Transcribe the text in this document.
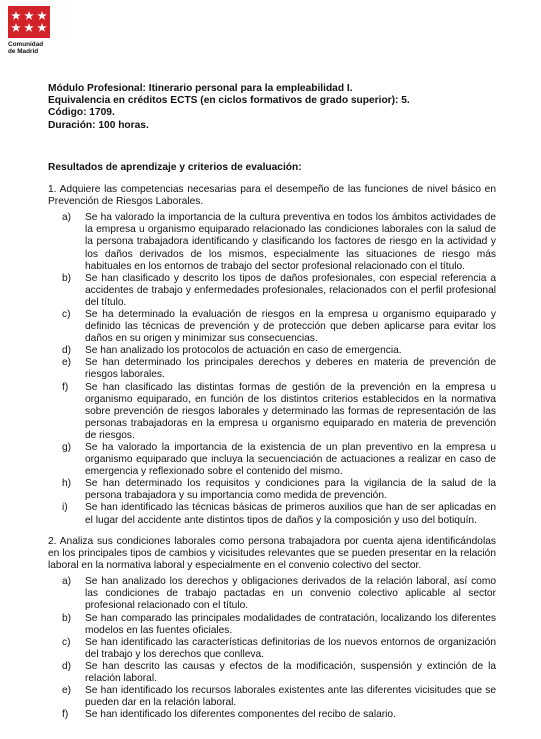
Comunidad
de Madrid

Módulo Profesional: Itinerario personal para la empleabilidad I.

Equivalencia en créditos ECTS (en ciclos formativos de grado superior): 5.

Código: 1709.

Duración: 100 horas.

Resultados de aprendizaje y criterios de evaluación:

1. Adquiere las competencias necesarias para el desempeño de las funciones de nivel básico en Prevención de Riesgos Laborales.

a) Se ha valorado la importancia de la cultura preventiva en todos los ámbitos actividades de la empresa u organismo equiparado relacionado las condiciones laborales con la salud de la persona trabajadora identificando y clasificando los factores de riesgo en la actividad y los daños derivados de los mismos, especialmente las situaciones de riesgo más habituales en los entornos de trabajo del sector profesional relacionado con el título.
b) Se han clasificado y descrito los tipos de daños profesionales, con especial referencia a accidentes de trabajo y enfermedades profesionales, relacionados con el perfil profesional del título.
c) Se ha determinado la evaluación de riesgos en la empresa u organismo equiparado y definido las técnicas de prevención y de protección que deben aplicarse para evitar los daños en su origen y minimizar sus consecuencias.
d) Se han analizado los protocolos de actuación en caso de emergencia.
e) Se han determinado los principales derechos y deberes en materia de prevención de riesgos laborales.
f) Se han clasificado las distintas formas de gestión de la prevención en la empresa u organismo equiparado, en función de los distintos criterios establecidos en la normativa sobre prevención de riesgos laborales y determinado las formas de representación de las personas trabajadoras en la empresa u organismo equiparado en materia de prevención de riesgos.
g) Se ha valorado la importancia de la existencia de un plan preventivo en la empresa u organismo equiparado que incluya la secuenciación de actuaciones a realizar en caso de emergencia y reflexionado sobre el contenido del mismo.
h) Se han determinado los requisitos y condiciones para la vigilancia de la salud de la persona trabajadora y su importancia como medida de prevención.
i) Se han identificado las técnicas básicas de primeros auxilios que han de ser aplicadas en el lugar del accidente ante distintos tipos de daños y la composición y uso del botiquín.

2. Analiza sus condiciones laborales como persona trabajadora por cuenta ajena identificándolas en los principales tipos de cambios y vicisitudes relevantes que se pueden presentar en la relación laboral en la normativa laboral y especialmente en el convenio colectivo del sector.

a) Se han analizado los derechos y obligaciones derivados de la relación laboral, así como las condiciones de trabajo pactadas en un convenio colectivo aplicable al sector profesional relacionado con el título.
b) Se han comparado las principales modalidades de contratación, localizando los diferentes modelos en las fuentes oficiales.
c) Se han identificado las características definitorias de los nuevos entornos de organización del trabajo y los derechos que conlleva.
d) Se han descrito las causas y efectos de la modificación, suspensión y extinción de la relación laboral.
e) Se han identificado los recursos laborales existentes ante las diferentes vicisitudes que se pueden dar en la relación laboral.
f) Se han identificado los diferentes componentes del recibo de salario.
